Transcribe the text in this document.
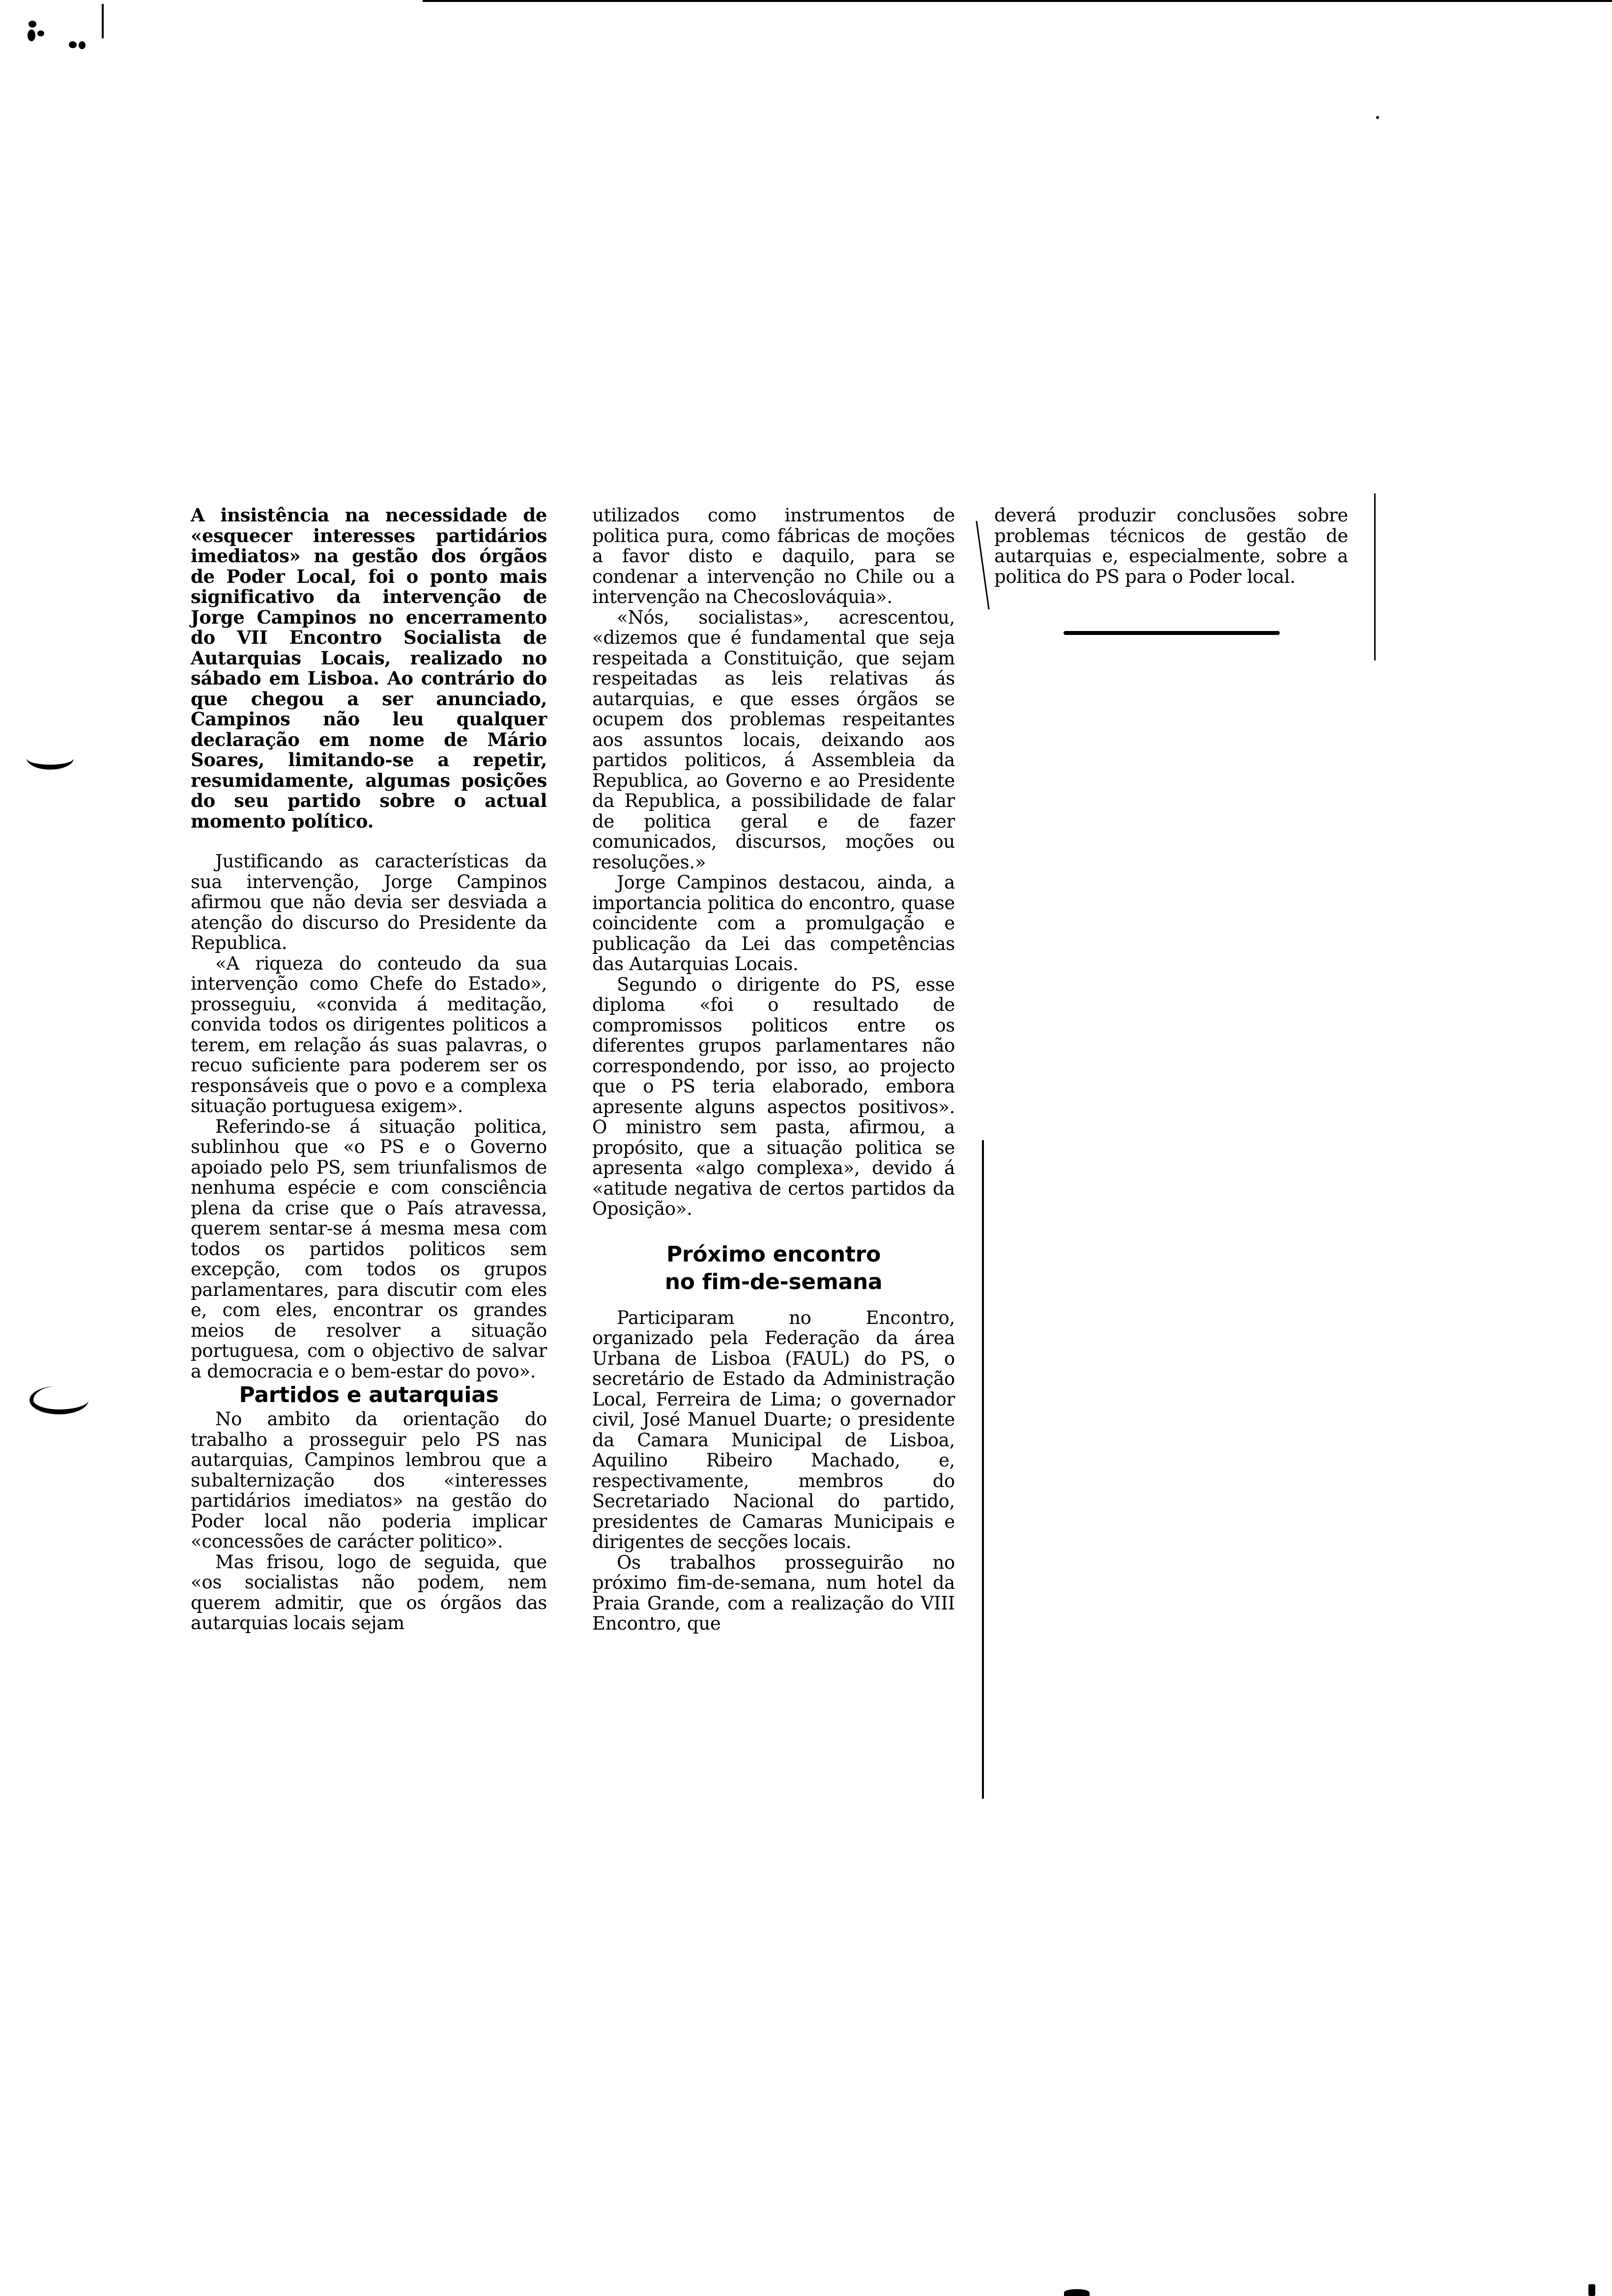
A insistência na necessidade de «esquecer interesses partidários imediatos» na gestão dos órgãos de Poder Local, foi o ponto mais significativo da intervenção de Jorge Campinos no encerramento do VII Encontro Socialista de Autarquias Locais, realizado no sábado em Lisboa. Ao contrário do que chegou a ser anunciado, Campinos não leu qualquer declaração em nome de Mário Soares, limitando-se a repetir, resumidamente, algumas posições do seu partido sobre o actual momento político.

Justificando as características da sua intervenção, Jorge Campinos afirmou que não devia ser desviada a atenção do discurso do Presidente da Republica.

«A riqueza do conteudo da sua intervenção como Chefe do Estado», prosseguiu, «convida á meditação, convida todos os dirigentes politicos a terem, em relação ás suas palavras, o recuo suficiente para poderem ser os responsáveis que o povo e a complexa situação portuguesa exigem».

Referindo-se á situação politica, sublinhou que «o PS e o Governo apoiado pelo PS, sem triunfalismos de nenhuma espécie e com consciência plena da crise que o País atravessa, querem sentar-se á mesma mesa com todos os partidos politicos sem excepção, com todos os grupos parlamentares, para discutir com eles e, com eles, encontrar os grandes meios de resolver a situação portuguesa, com o objectivo de salvar a democracia e o bem-estar do povo».

Partidos e autarquias

No ambito da orientação do trabalho a prosseguir pelo PS nas autarquias, Campinos lembrou que a subalternização dos «interesses partidários imediatos» na gestão do Poder local não poderia implicar «concessões de carácter politico».

Mas frisou, logo de seguida, que «os socialistas não podem, nem querem admitir, que os órgãos das autarquias locais sejam

utilizados como instrumentos de politica pura, como fábricas de moções a favor disto e daquilo, para se condenar a intervenção no Chile ou a intervenção na Checoslováquia».

«Nós, socialistas», acrescentou, «dizemos que é fundamental que seja respeitada a Constituição, que sejam respeitadas as leis relativas ás autarquias, e que esses órgãos se ocupem dos problemas respeitantes aos assuntos locais, deixando aos partidos politicos, á Assembleia da Republica, ao Governo e ao Presidente da Republica, a possibilidade de falar de politica geral e de fazer comunicados, discursos, moções ou resoluções.»

Jorge Campinos destacou, ainda, a importancia politica do encontro, quase coincidente com a promulgação e publicação da Lei das competências das Autarquias Locais.

Segundo o dirigente do PS, esse diploma «foi o resultado de compromissos politicos entre os diferentes grupos parlamentares não correspondendo, por isso, ao projecto que o PS teria elaborado, embora apresente alguns aspectos positivos». O ministro sem pasta, afirmou, a propósito, que a situação politica se apresenta «algo complexa», devido á «atitude negativa de certos partidos da Oposição».

Próximo encontro
no fim-de-semana

Participaram no Encontro, organizado pela Federação da área Urbana de Lisboa (FAUL) do PS, o secretário de Estado da Administração Local, Ferreira de Lima; o governador civil, José Manuel Duarte; o presidente da Camara Municipal de Lisboa, Aquilino Ribeiro Machado, e, respectivamente, membros do Secretariado Nacional do partido, presidentes de Camaras Municipais e dirigentes de secções locais.

Os trabalhos prosseguirão no próximo fim-de-semana, num hotel da Praia Grande, com a realização do VIII Encontro, que

deverá produzir conclusões sobre problemas técnicos de gestão de autarquias e, especialmente, sobre a politica do PS para o Poder local.
